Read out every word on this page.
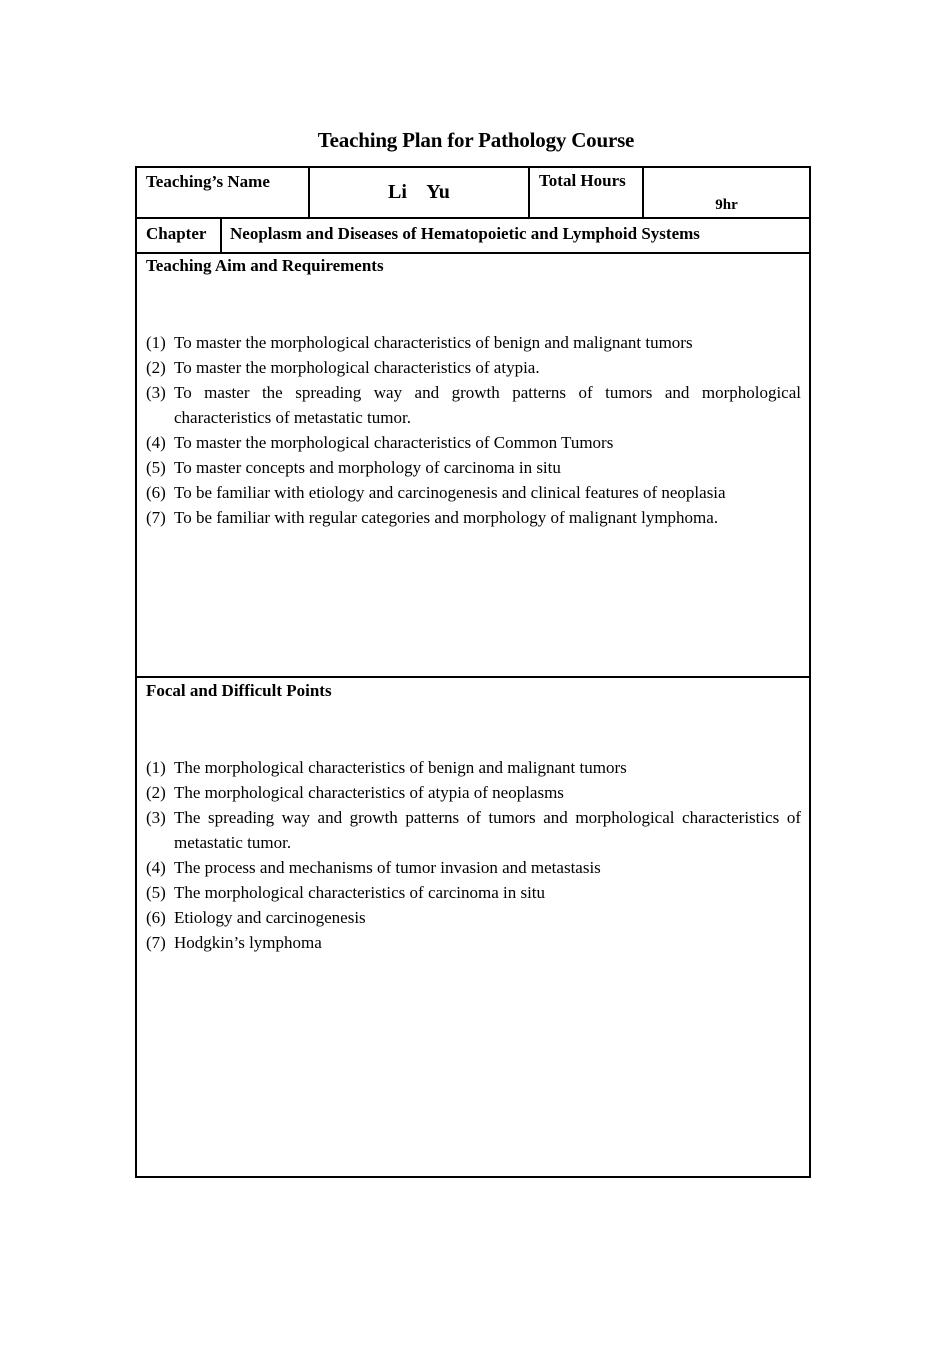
Teaching Plan for Pathology Course
Teaching’s Name	Li    Yu
Total Hours
9hr
Chapter Neoplasm and Diseases of Hematopoietic and Lymphoid Systems
Teaching Aim and Requirements
(1) To master the morphological characteristics of benign and malignant tumors
(2) To master the morphological characteristics of atypia.
(3) To master the spreading way and growth patterns of tumors and morphological characteristics of metastatic tumor.
(4) To master the morphological characteristics of Common Tumors
(5) To master concepts and morphology of carcinoma in situ
(6) To be familiar with etiology and carcinogenesis and clinical features of neoplasia
(7) To be familiar with regular categories and morphology of malignant lymphoma.
Focal and Difficult Points
(1) The morphological characteristics of benign and malignant tumors
(2) The morphological characteristics of atypia of neoplasms
(3) The spreading way and growth patterns of tumors and morphological characteristics of metastatic tumor.
(4) The process and mechanisms of tumor invasion and metastasis
(5) The morphological characteristics of carcinoma in situ
(6) Etiology and carcinogenesis
(7) Hodgkin’s lymphoma
